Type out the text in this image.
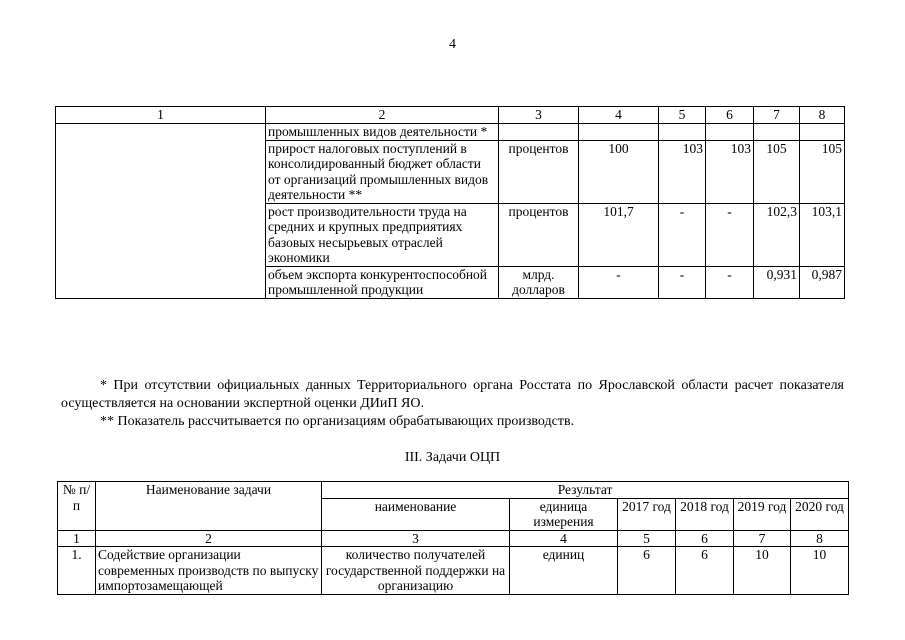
4
1	2	3	4	5	6	7	8
	промышленных видов деятельности *						
	прирост налоговых поступлений в консолидированный бюджет области от организаций промышленных видов деятельности **	процентов	100	103	103	105	105
	рост производительности труда на средних и крупных предприятиях базовых несырьевых отраслей экономики	процентов	101,7	-	-	102,3	103,1
	объем экспорта конкурентоспособной промышленной продукции	млрд. долларов	-	-	-	0,931	0,987

* При отсутствии официальных данных Территориального органа Росстата по Ярославской области расчет показателя осуществляется на основании экспертной оценки ДИиП ЯО.

** Показатель рассчитывается по организациям обрабатывающих производств.

III. Задачи ОЦП
№ п/п	Наименование задачи	Результат					
		наименование	единица измерения	2017 год	2018 год	2019 год	2020 год
1	2	3	4	5	6	7	8
1.	Содействие организации современных производств по выпуску импортозамещающей	количество получателей государственной поддержки на организацию	единиц	6	6	10	10
